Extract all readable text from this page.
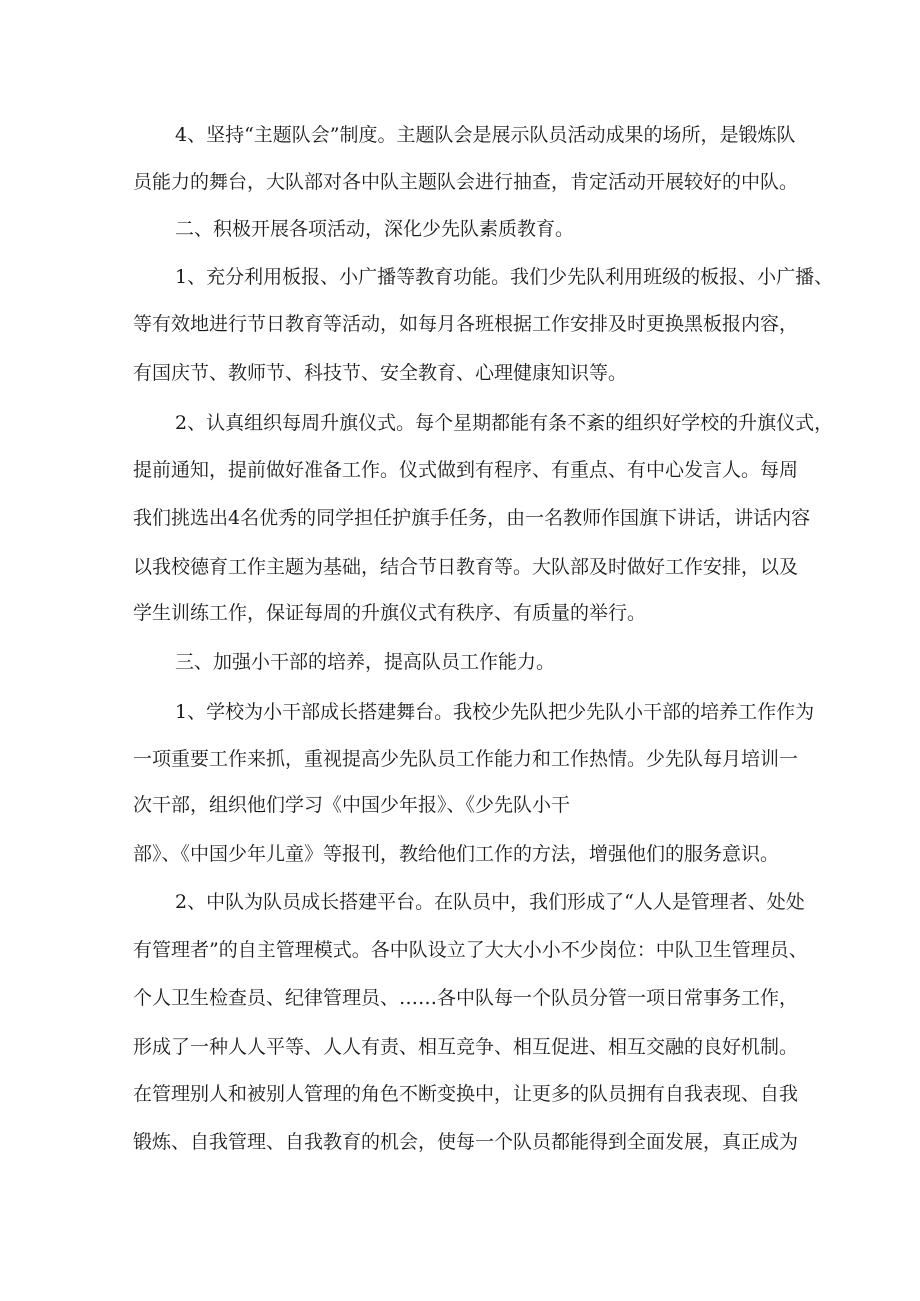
4、坚持“主题队会”制度。主题队会是展示队员活动成果的场所，是锻炼队

员能力的舞台，大队部对各中队主题队会进行抽查，肯定活动开展较好的中队。

二、积极开展各项活动，深化少先队素质教育。

1、充分利用板报、小广播等教育功能。我们少先队利用班级的板报、小广播、

等有效地进行节日教育等活动，如每月各班根据工作安排及时更换黑板报内容，

有国庆节、教师节、科技节、安全教育、心理健康知识等。

2、认真组织每周升旗仪式。每个星期都能有条不紊的组织好学校的升旗仪式，

提前通知，提前做好准备工作。仪式做到有程序、有重点、有中心发言人。每周

我们挑选出4名优秀的同学担任护旗手任务，由一名教师作国旗下讲话，讲话内容

以我校德育工作主题为基础，结合节日教育等。大队部及时做好工作安排，以及

学生训练工作，保证每周的升旗仪式有秩序、有质量的举行。

三、加强小干部的培养，提高队员工作能力。

1、学校为小干部成长搭建舞台。我校少先队把少先队小干部的培养工作作为

一项重要工作来抓，重视提高少先队员工作能力和工作热情。少先队每月培训一

次干部，组织他们学习《中国少年报》、《少先队小干

部》、《中国少年儿童》等报刊，教给他们工作的方法，增强他们的服务意识。

2、中队为队员成长搭建平台。在队员中，我们形成了“人人是管理者、处处

有管理者”的自主管理模式。各中队设立了大大小小不少岗位：中队卫生管理员、

个人卫生检查员、纪律管理员、……各中队每一个队员分管一项日常事务工作，

形成了一种人人平等、人人有责、相互竞争、相互促进、相互交融的良好机制。

在管理别人和被别人管理的角色不断变换中，让更多的队员拥有自我表现、自我

锻炼、自我管理、自我教育的机会，使每一个队员都能得到全面发展，真正成为
